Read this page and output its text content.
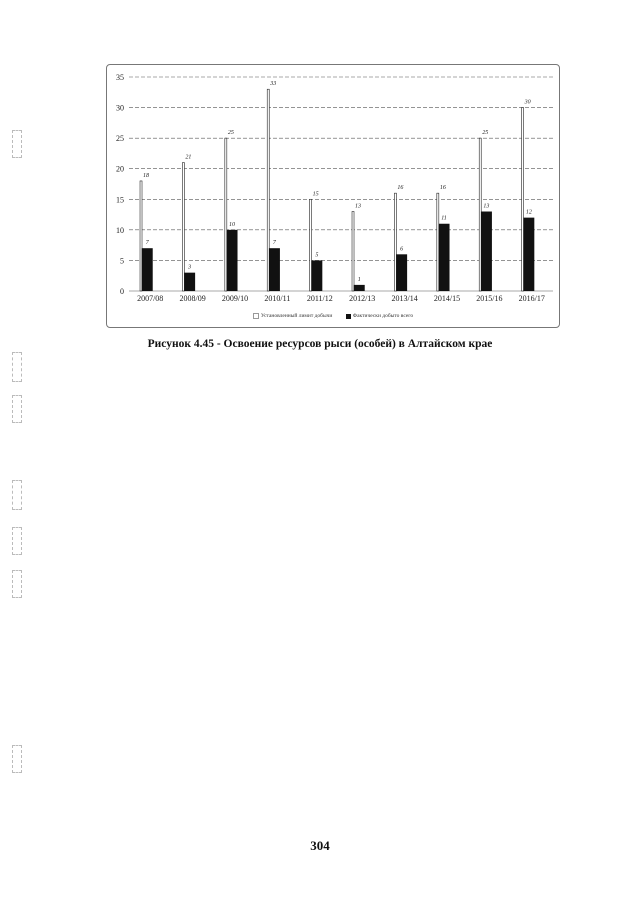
0
5
10
15
20
25
30
35
18
7
2007/08
21
3
2008/09
25
10
2009/10
33
7
2010/11
15
5
2011/12
13
1
2012/13
16
6
2013/14
16
11
2014/15
25
13
2015/16
30
12
2016/17
Установленный лимит добычи	Фактически добыто всего
Рисунок 4.45 - Освоение ресурсов рыси (особей) в Алтайском крае
304
